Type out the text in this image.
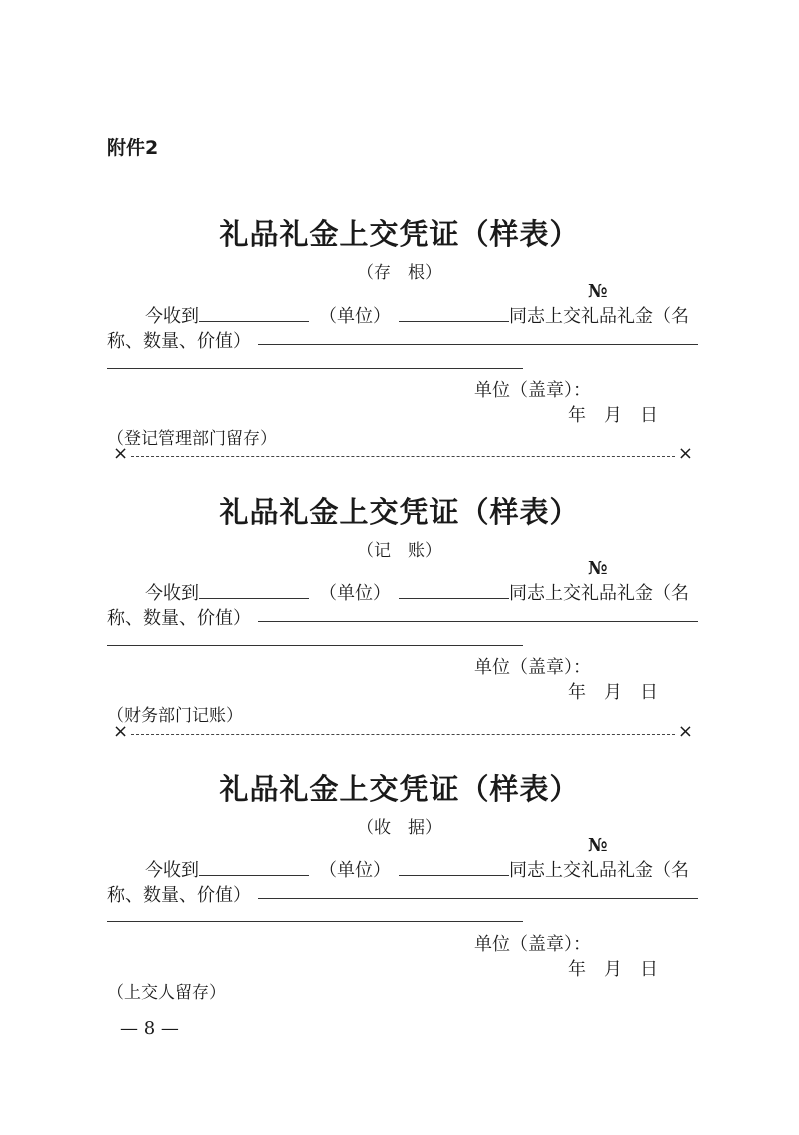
附件2
礼品礼金上交凭证（样表）
（存　根）
№
今收到	（单位）	同志上交礼品礼金（名
称、数量、价值）
单位（盖章）：
年　月　日
（登记管理部门留存）
×	×
礼品礼金上交凭证（样表）
（记　账）
№
今收到	（单位）	同志上交礼品礼金（名
称、数量、价值）
单位（盖章）：
年　月　日
（财务部门记账）
×	×
礼品礼金上交凭证（样表）
（收　据）
№
今收到	（单位）	同志上交礼品礼金（名
称、数量、价值）
单位（盖章）：
年　月　日
（上交人留存）
— 8 —
